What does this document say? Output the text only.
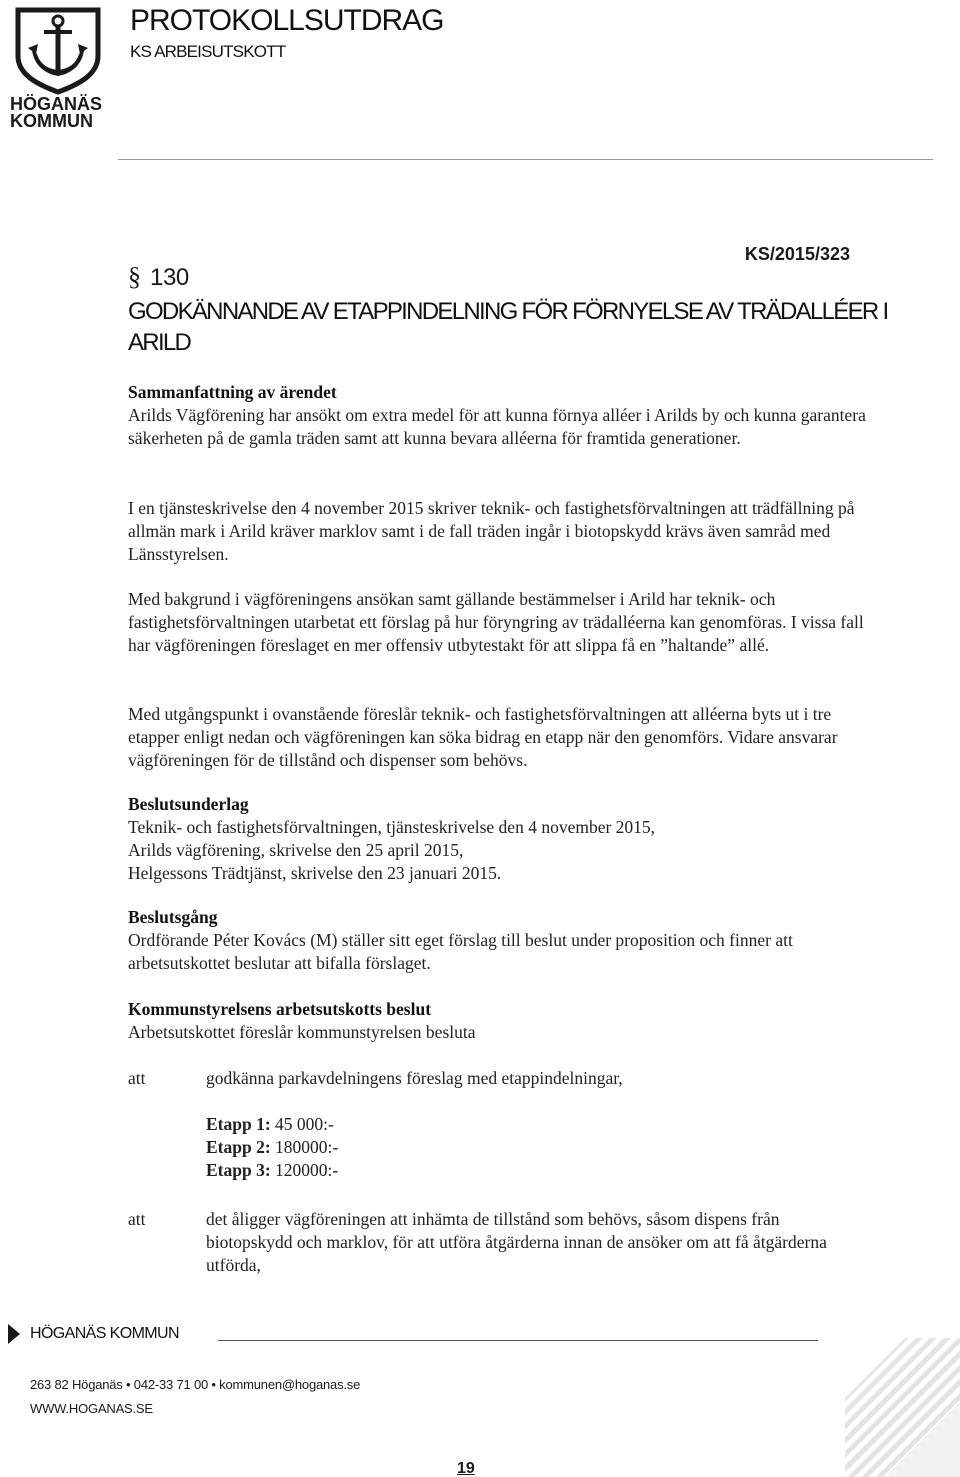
HÖGANÄS
KOMMUN
PROTOKOLLSUTDRAG
KS ARBEISUTSKOTT
KS/2015/323
§ 130
GODKÄNNANDE AV ETAPPINDELNING FÖR FÖRNYELSE AV TRÄDALLÉER I ARILD
Sammanfattning av ärendet
Arilds Vägförening har ansökt om extra medel för att kunna förnya alléer i Arilds by och kunna garantera säkerheten på de gamla träden samt att kunna bevara alléerna för framtida generationer.
I en tjänsteskrivelse den 4 november 2015 skriver teknik- och fastighetsförvaltningen att trädfällning på allmän mark i Arild kräver marklov samt i de fall träden ingår i biotopskydd krävs även samråd med Länsstyrelsen.
Med bakgrund i vägföreningens ansökan samt gällande bestämmelser i Arild har teknik- och fastighetsförvaltningen utarbetat ett förslag på hur föryngring av trädalléerna kan genomföras. I vissa fall har vägföreningen föreslaget en mer offensiv utbytestakt för att slippa få en ”haltande” allé.
Med utgångspunkt i ovanstående föreslår teknik- och fastighetsförvaltningen att alléerna byts ut i tre etapper enligt nedan och vägföreningen kan söka bidrag en etapp när den genomförs. Vidare ansvarar vägföreningen för de tillstånd och dispenser som behövs.
Beslutsunderlag
Teknik- och fastighetsförvaltningen, tjänsteskrivelse den 4 november 2015,
Arilds vägförening, skrivelse den 25 april 2015,
Helgessons Trädtjänst, skrivelse den 23 januari 2015.
Beslutsgång
Ordförande Péter Kovács (M) ställer sitt eget förslag till beslut under proposition och finner att arbetsutskottet beslutar att bifalla förslaget.
Kommunstyrelsens arbetsutskotts beslut
Arbetsutskottet föreslår kommunstyrelsen besluta
att	godkänna parkavdelningens föreslag med etappindelningar,
Etapp 1: 45 000:-
Etapp 2: 180000:-
Etapp 3: 120000:-
att	det åligger vägföreningen att inhämta de tillstånd som behövs, såsom dispens från biotopskydd och marklov, för att utföra åtgärderna innan de ansöker om att få åtgärderna utförda,
HÖGANÄS KOMMUN
263 82 Höganäs • 042-33 71 00 • kommunen@hoganas.se
WWW.HOGANAS.SE
19
